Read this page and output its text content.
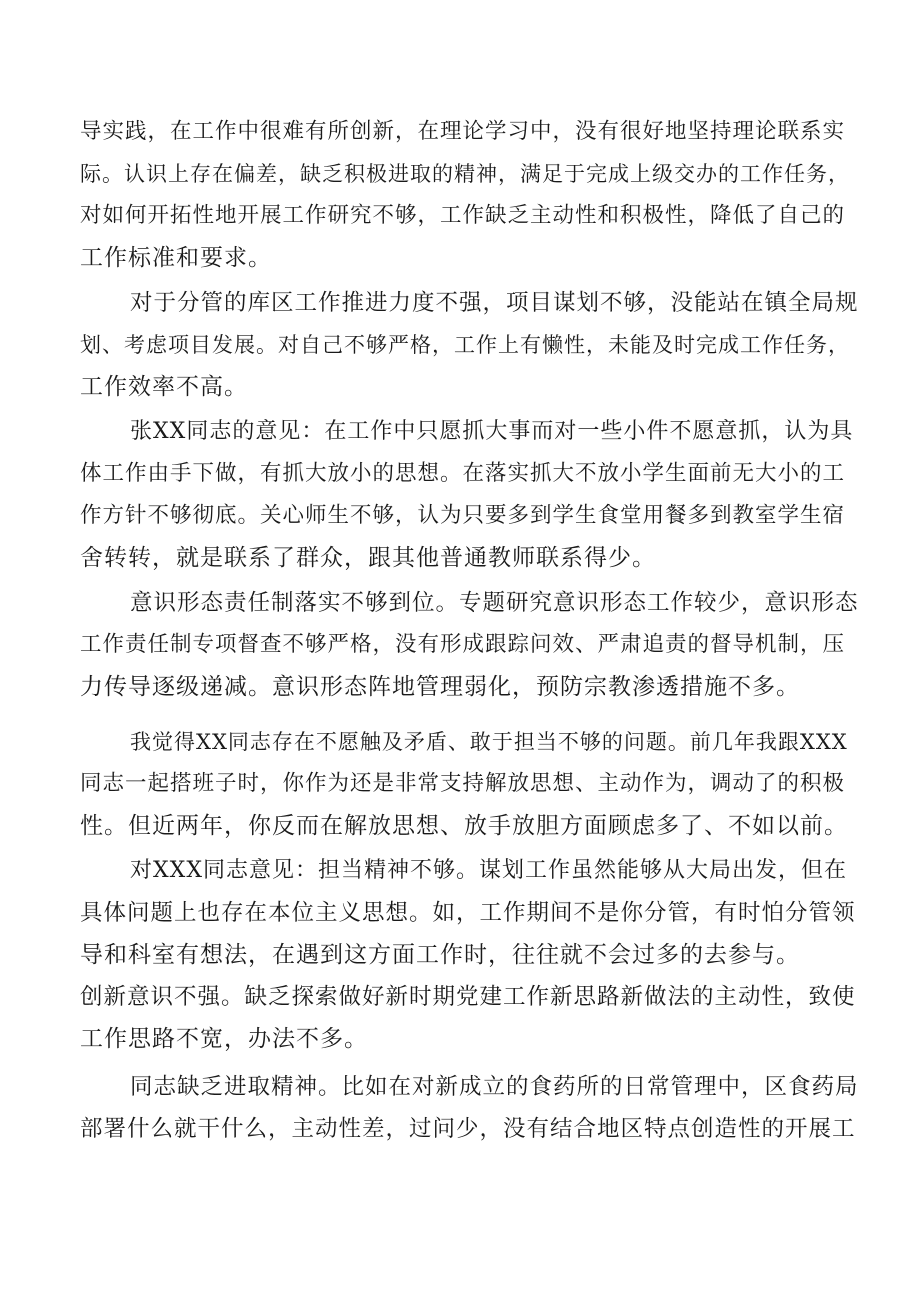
导实践，在工作中很难有所创新，在理论学习中，没有很好地坚持理论联系实
际。认识上存在偏差，缺乏积极进取的精神，满足于完成上级交办的工作任务，
对如何开拓性地开展工作研究不够，工作缺乏主动性和积极性，降低了自己的
工作标准和要求。
对于分管的库区工作推进力度不强，项目谋划不够，没能站在镇全局规
划、考虑项目发展。对自己不够严格，工作上有懒性，未能及时完成工作任务，
工作效率不高。
张XX同志的意见：在工作中只愿抓大事而对一些小件不愿意抓，认为具
体工作由手下做，有抓大放小的思想。在落实抓大不放小学生面前无大小的工
作方针不够彻底。关心师生不够，认为只要多到学生食堂用餐多到教室学生宿
舍转转，就是联系了群众，跟其他普通教师联系得少。
意识形态责任制落实不够到位。专题研究意识形态工作较少，意识形态
工作责任制专项督查不够严格，没有形成跟踪问效、严肃追责的督导机制，压
力传导逐级递减。意识形态阵地管理弱化，预防宗教渗透措施不多。
我觉得XX同志存在不愿触及矛盾、敢于担当不够的问题。前几年我跟XXX
同志一起搭班子时，你作为还是非常支持解放思想、主动作为，调动了的积极
性。但近两年，你反而在解放思想、放手放胆方面顾虑多了、不如以前。
对XXX同志意见：担当精神不够。谋划工作虽然能够从大局出发，但在
具体问题上也存在本位主义思想。如，工作期间不是你分管，有时怕分管领
导和科室有想法，在遇到这方面工作时，往往就不会过多的去参与。
创新意识不强。缺乏探索做好新时期党建工作新思路新做法的主动性，致使
工作思路不宽，办法不多。
同志缺乏进取精神。比如在对新成立的食药所的日常管理中，区食药局
部署什么就干什么，主动性差，过问少，没有结合地区特点创造性的开展工
